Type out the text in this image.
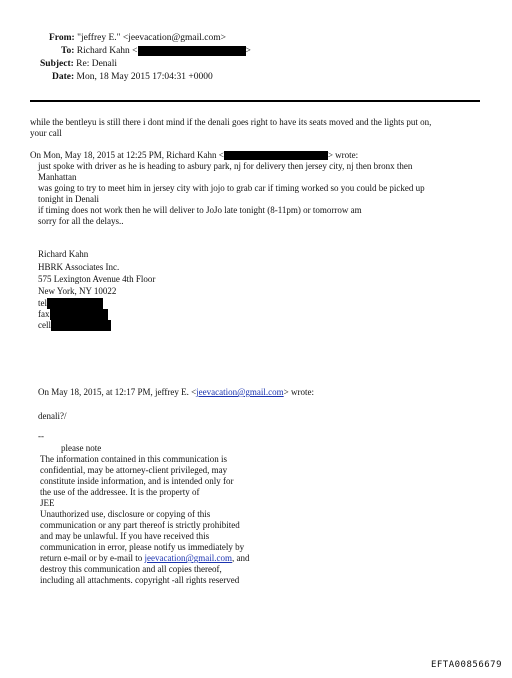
From: "jeffrey E." <jeevacation@gmail.com>
To: Richard Kahn <	>
Subject: Re: Denali
Date: Mon, 18 May 2015 17:04:31 +0000
while the bentleyu is still there i dont mind if the denali goes right to have its seats moved and the lights put on,
your call
On Mon, May 18, 2015 at 12:25 PM, Richard Kahn <	> wrote:
just spoke with driver as he is heading to asbury park, nj for delivery then jersey city, nj then bronx then
Manhattan
was going to try to meet him in jersey city with jojo to grab car if timing worked so you could be picked up
tonight in Denali
if timing does not work then he will deliver to JoJo late tonight (8-11pm) or tomorrow am
sorry for all the delays..
Richard Kahn
HBRK Associates Inc.
575 Lexington Avenue 4th Floor
New York, NY 10022
tel
fax
cell
On May 18, 2015, at 12:17 PM, jeffrey E. <jeevacation@gmail.com> wrote:
denali?/
--
please note
The information contained in this communication is
confidential, may be attorney-client privileged, may
constitute inside information, and is intended only for
the use of the addressee. It is the property of
JEE
Unauthorized use, disclosure or copying of this
communication or any part thereof is strictly prohibited
and may be unlawful. If you have received this
communication in error, please notify us immediately by
return e-mail or by e-mail to jeevacation@gmail.com, and
destroy this communication and all copies thereof,
including all attachments. copyright -all rights reserved
EFTA00856679
